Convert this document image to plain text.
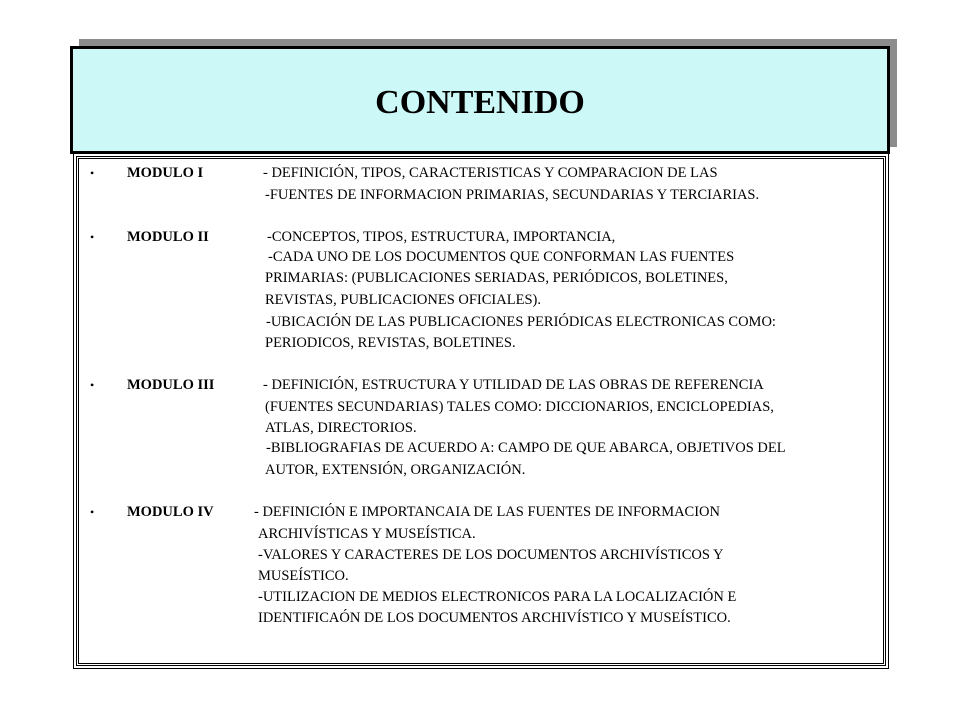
CONTENIDO
• MODULO I	- DEFINICIÓN, TIPOS, CARACTERISTICAS Y COMPARACION DE LAS
-FUENTES DE INFORMACION PRIMARIAS, SECUNDARIAS Y TERCIARIAS.
• MODULO II	-CONCEPTOS, TIPOS, ESTRUCTURA, IMPORTANCIA,
-CADA UNO DE LOS DOCUMENTOS QUE CONFORMAN LAS FUENTES
PRIMARIAS: (PUBLICACIONES SERIADAS, PERIÓDICOS, BOLETINES,
REVISTAS, PUBLICACIONES OFICIALES).
-UBICACIÓN DE LAS PUBLICACIONES PERIÓDICAS ELECTRONICAS COMO:
PERIODICOS, REVISTAS, BOLETINES.
• MODULO III	- DEFINICIÓN, ESTRUCTURA Y UTILIDAD DE LAS OBRAS DE REFERENCIA
(FUENTES SECUNDARIAS) TALES COMO: DICCIONARIOS, ENCICLOPEDIAS,
ATLAS, DIRECTORIOS.
-BIBLIOGRAFIAS DE ACUERDO A: CAMPO DE QUE ABARCA, OBJETIVOS DEL
AUTOR, EXTENSIÓN, ORGANIZACIÓN.
• MODULO IV	- DEFINICIÓN E IMPORTANCAIA DE LAS FUENTES DE INFORMACION
ARCHIVÍSTICAS Y MUSEÍSTICA.
-VALORES Y CARACTERES DE LOS DOCUMENTOS ARCHIVÍSTICOS Y
MUSEÍSTICO.
-UTILIZACION DE MEDIOS ELECTRONICOS PARA LA LOCALIZACIÓN E
IDENTIFICAÓN DE LOS DOCUMENTOS ARCHIVÍSTICO Y MUSEÍSTICO.
